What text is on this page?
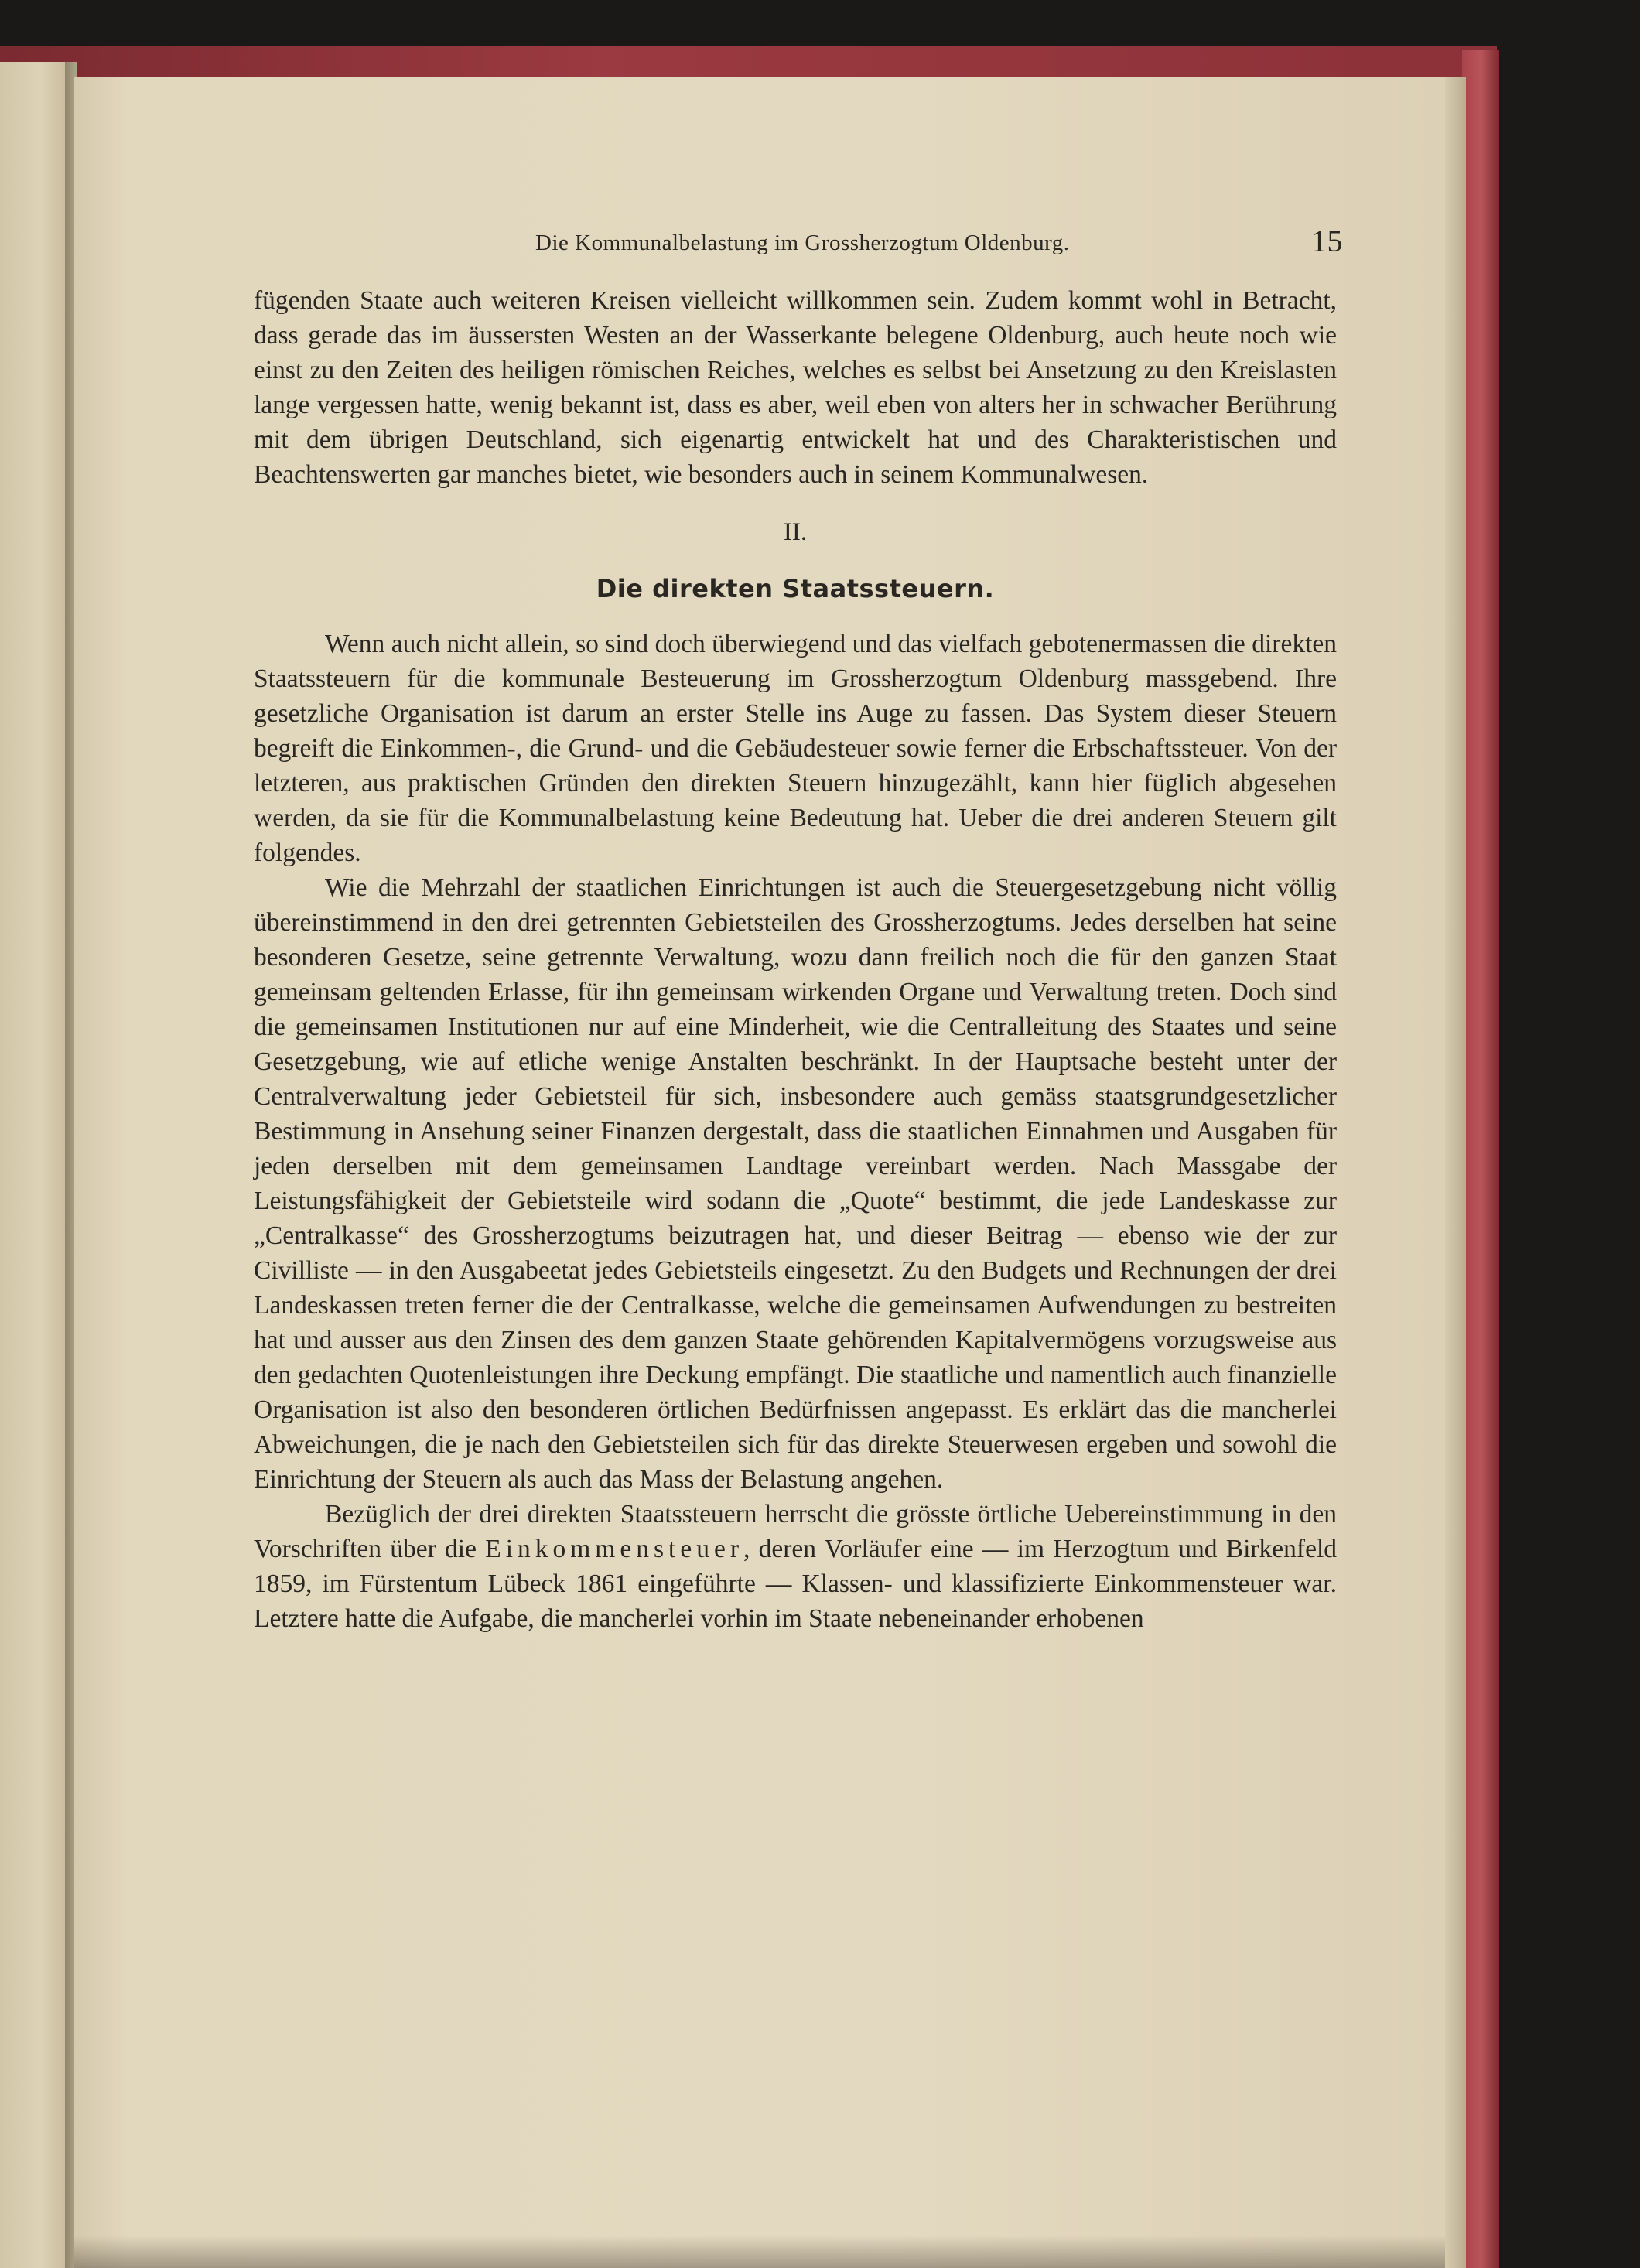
Die Kommunalbelastung im Grossherzogtum Oldenburg.	15

fügenden Staate auch weiteren Kreisen vielleicht willkommen sein. Zudem kommt wohl in Betracht, dass gerade das im äussersten Westen an der Wasserkante belegene Oldenburg, auch heute noch wie einst zu den Zeiten des heiligen römischen Reiches, welches es selbst bei Ansetzung zu den Kreislasten lange vergessen hatte, wenig bekannt ist, dass es aber, weil eben von alters her in schwacher Berührung mit dem übrigen Deutschland, sich eigenartig entwickelt hat und des Charakteristischen und Beachtenswerten gar manches bietet, wie besonders auch in seinem Kommunalwesen.

II.
Die direkten Staatssteuern.

Wenn auch nicht allein, so sind doch überwiegend und das vielfach gebotenermassen die direkten Staatssteuern für die kommunale Besteuerung im Grossherzogtum Oldenburg massgebend. Ihre gesetzliche Organisation ist darum an erster Stelle ins Auge zu fassen. Das System dieser Steuern begreift die Einkommen-, die Grund- und die Gebäudesteuer sowie ferner die Erbschaftssteuer. Von der letzteren, aus praktischen Gründen den direkten Steuern hinzugezählt, kann hier füglich abgesehen werden, da sie für die Kommunalbelastung keine Bedeutung hat. Ueber die drei anderen Steuern gilt folgendes.

Wie die Mehrzahl der staatlichen Einrichtungen ist auch die Steuergesetzgebung nicht völlig übereinstimmend in den drei getrennten Gebietsteilen des Grossherzogtums. Jedes derselben hat seine besonderen Gesetze, seine getrennte Verwaltung, wozu dann freilich noch die für den ganzen Staat gemeinsam geltenden Erlasse, für ihn gemeinsam wirkenden Organe und Verwaltung treten. Doch sind die gemeinsamen Institutionen nur auf eine Minderheit, wie die Centralleitung des Staates und seine Gesetzgebung, wie auf etliche wenige Anstalten beschränkt. In der Hauptsache besteht unter der Centralverwaltung jeder Gebietsteil für sich, insbesondere auch gemäss staatsgrundgesetzlicher Bestimmung in Ansehung seiner Finanzen dergestalt, dass die staatlichen Einnahmen und Ausgaben für jeden derselben mit dem gemeinsamen Landtage vereinbart werden. Nach Massgabe der Leistungsfähigkeit der Gebietsteile wird sodann die „Quote“ bestimmt, die jede Landeskasse zur „Centralkasse“ des Grossherzogtums beizutragen hat, und dieser Beitrag — ebenso wie der zur Civilliste — in den Ausgabeetat jedes Gebietsteils eingesetzt. Zu den Budgets und Rechnungen der drei Landeskassen treten ferner die der Centralkasse, welche die gemeinsamen Aufwendungen zu bestreiten hat und ausser aus den Zinsen des dem ganzen Staate gehörenden Kapitalvermögens vorzugsweise aus den gedachten Quotenleistungen ihre Deckung empfängt. Die staatliche und namentlich auch finanzielle Organisation ist also den besonderen örtlichen Bedürfnissen angepasst. Es erklärt das die mancherlei Abweichungen, die je nach den Gebietsteilen sich für das direkte Steuerwesen ergeben und sowohl die Einrichtung der Steuern als auch das Mass der Belastung angehen.

Bezüglich der drei direkten Staatssteuern herrscht die grösste örtliche Uebereinstimmung in den Vorschriften über die Einkommensteuer, deren Vorläufer eine — im Herzogtum und Birkenfeld 1859, im Fürstentum Lübeck 1861 eingeführte — Klassen- und klassifizierte Einkommensteuer war. Letztere hatte die Aufgabe, die mancherlei vorhin im Staate nebeneinander erhobenen
